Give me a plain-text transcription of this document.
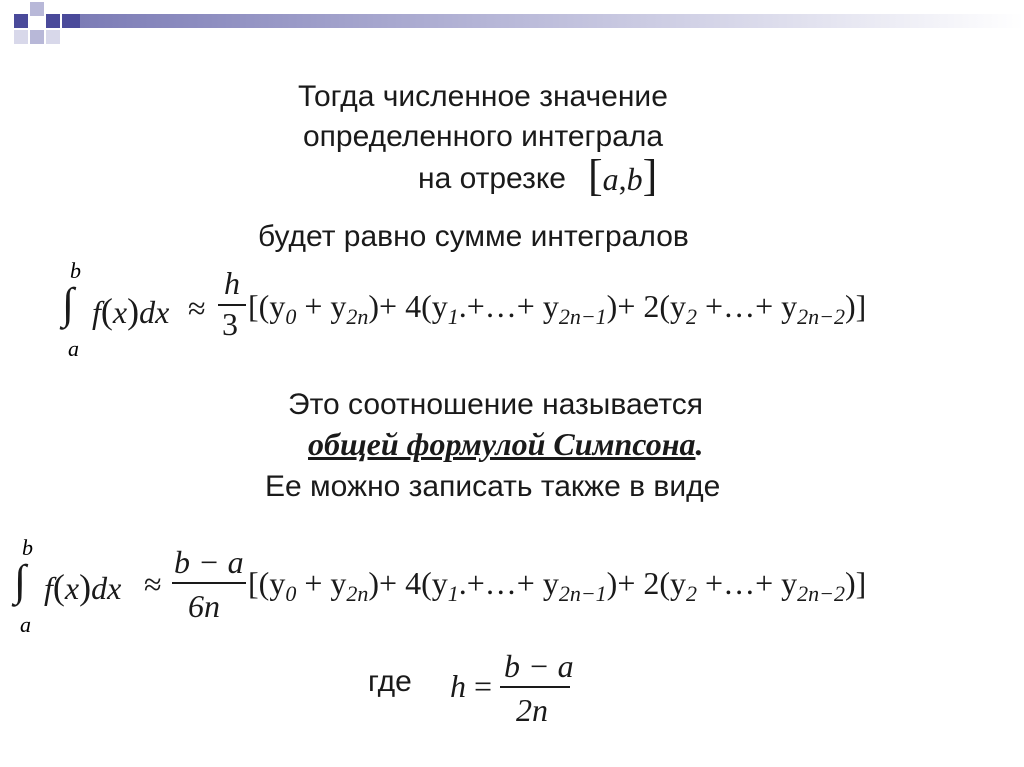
Тогда численное значение
определенного интеграла
на отрезке [a,b]
будет равно сумме интегралов
b
∫
a
f(x)dx ≈
h
3 [$(y_0 + y_{2n})+$ $4(y_1.+\dots+ y_{2n-1})+ 2(y_2$ +…+ $y_{2n-2}$)]
Это соотношение называется
общей формулой Симпсона.
Ее можно записать также в виде
b
∫
a
f(x)dx ≈
b − a
6n
[$(y_0 + y_{2n})+$ $4(y_1.+\dots+ y_{2n-1})+ 2(y_2$ +…+ $y_{2n-2}$)]
где h =
b − a
2n
